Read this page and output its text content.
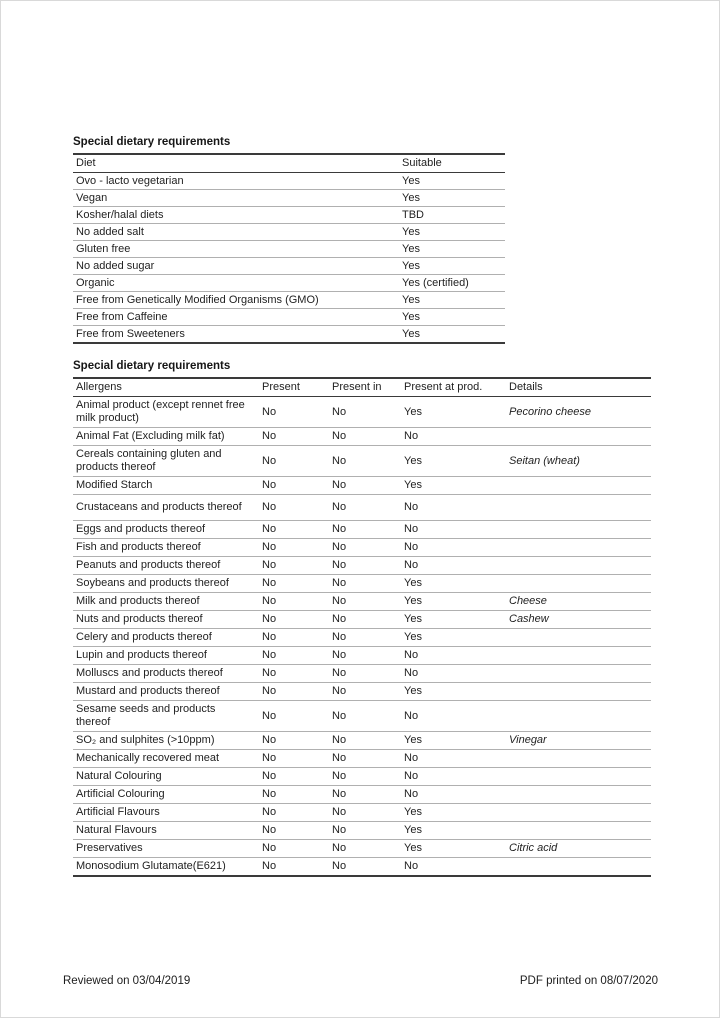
Special dietary requirements
Diet	Suitable
Ovo - lacto vegetarian	Yes
Vegan	Yes
Kosher/halal diets	TBD
No added salt	Yes
Gluten free	Yes
No added sugar	Yes
Organic	Yes (certified)
Free from Genetically Modified Organisms (GMO)	Yes
Free from Caffeine	Yes
Free from Sweeteners	Yes
Special dietary requirements
Allergens	Present	Present in	Present at prod.	Details
Animal product (except rennet free milk product)	No	No	Yes	Pecorino cheese
Animal Fat (Excluding milk fat)	No	No	No	
Cereals containing gluten and products thereof	No	No	Yes	Seitan (wheat)
Modified Starch	No	No	Yes	
Crustaceans and products thereof	No	No	No	
Eggs and products thereof	No	No	No	
Fish and products thereof	No	No	No	
Peanuts and products thereof	No	No	No	
Soybeans and products thereof	No	No	Yes	
Milk and products thereof	No	No	Yes	Cheese
Nuts and products thereof	No	No	Yes	Cashew
Celery and products thereof	No	No	Yes	
Lupin and products thereof	No	No	No	
Molluscs and products thereof	No	No	No	
Mustard and products thereof	No	No	Yes	
Sesame seeds and products thereof	No	No	No	
SO₂ and sulphites (>10ppm)	No	No	Yes	Vinegar
Mechanically recovered meat	No	No	No	
Natural Colouring	No	No	No	
Artificial Colouring	No	No	No	
Artificial Flavours	No	No	Yes	
Natural Flavours	No	No	Yes	
Preservatives	No	No	Yes	Citric acid
Monosodium Glutamate(E621)	No	No	No	
Reviewed on 03/04/2019	PDF printed on 08/07/2020
